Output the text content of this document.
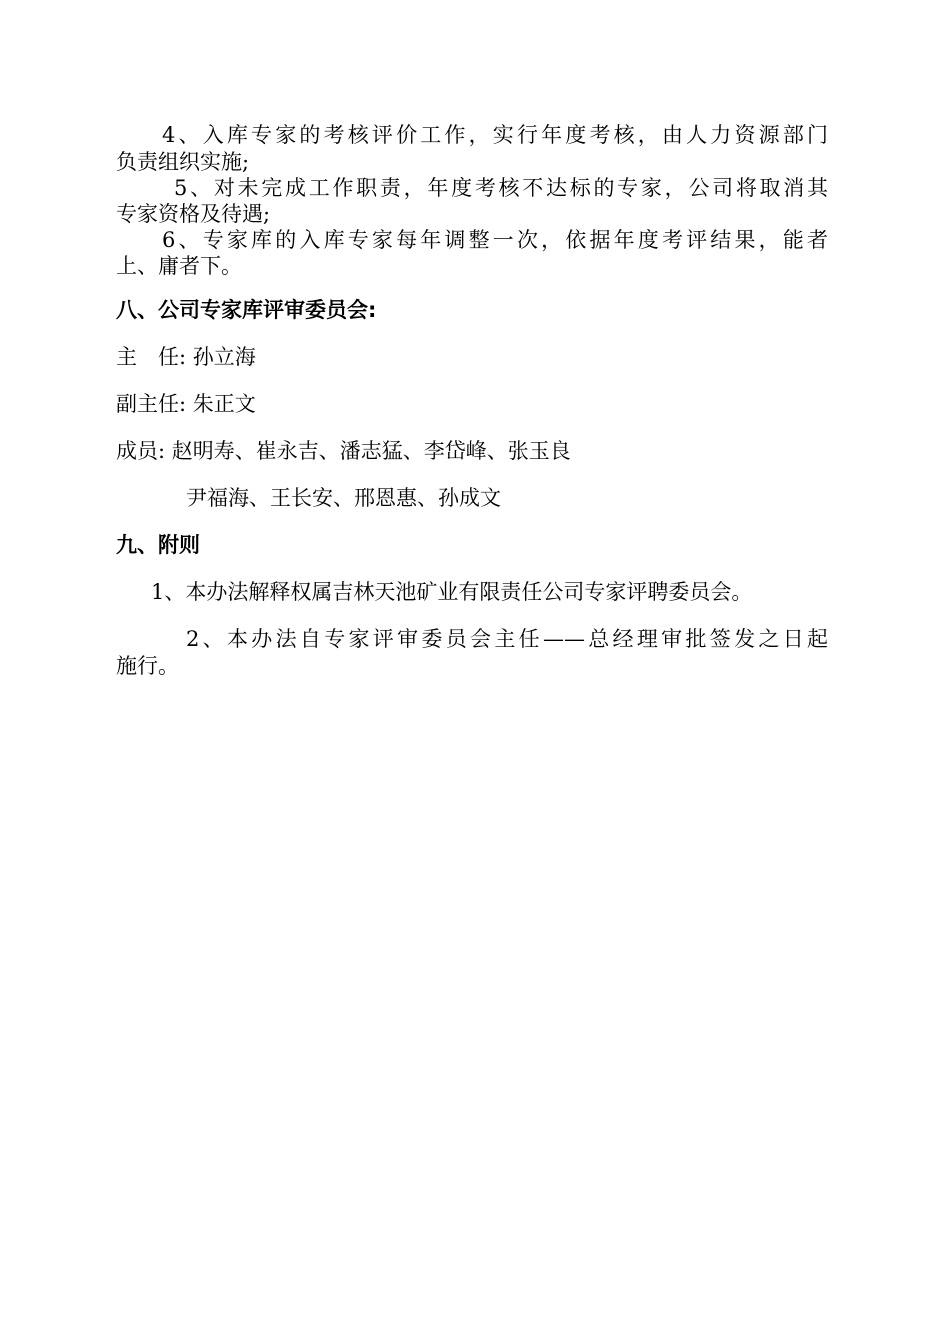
4、入库专家的考核评价工作，实行年度考核，由人力资源部门
负责组织实施;
5、对未完成工作职责，年度考核不达标的专家，公司将取消其
专家资格及待遇;
6、专家库的入库专家每年调整一次，依据年度考评结果，能者
上、庸者下。
八、公司专家库评审委员会:
主　任: 孙立海
副主任: 朱正文
成员: 赵明寿、崔永吉、潘志猛、李岱峰、张玉良
尹福海、王长安、邢恩惠、孙成文
九、附则
1、本办法解释权属吉林天池矿业有限责任公司专家评聘委员会。
2、本办法自专家评审委员会主任——总经理审批签发之日起
施行。
